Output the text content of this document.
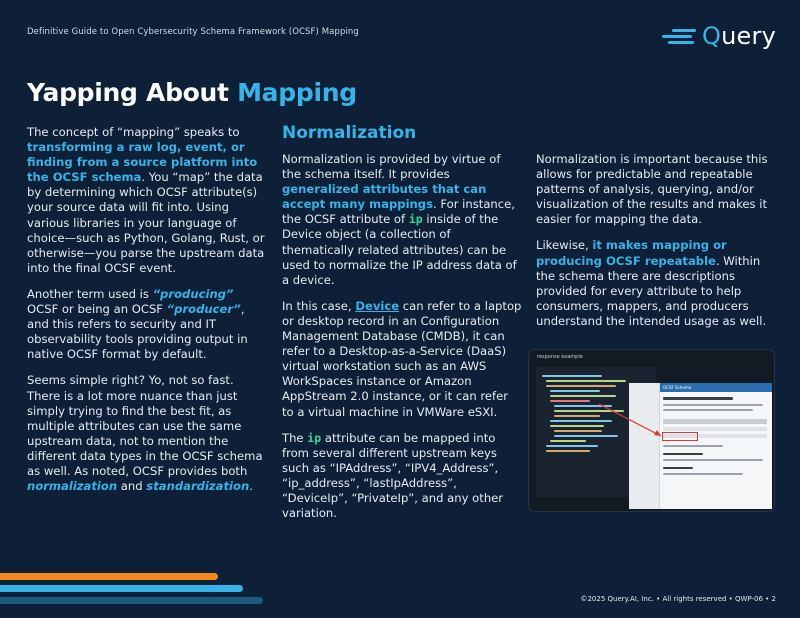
Definitive Guide to Open Cybersecurity Schema Framework (OCSF) Mapping	Query
Yapping About Mapping

The concept of “mapping” speaks to transforming a raw log, event, or finding from a source platform into the OCSF schema. You “map” the data by determining which OCSF attribute(s) your source data will fit into. Using various libraries in your language of choice—such as Python, Golang, Rust, or otherwise—you parse the upstream data into the final OCSF event.

Another term used is “producing” OCSF or being an OCSF “producer”, and this refers to security and IT observability tools providing output in native OCSF format by default.

Seems simple right? Yo, not so fast. There is a lot more nuance than just simply trying to find the best fit, as multiple attributes can use the same upstream data, not to mention the different data types in the OCSF schema as well. As noted, OCSF provides both normalization and standardization.

Normalization

Normalization is provided by virtue of the schema itself. It provides generalized attributes that can accept many mappings. For instance, the OCSF attribute of ip inside of the Device object (a collection of thematically related attributes) can be used to normalize the IP address data of a device.

In this case, Device can refer to a laptop or desktop record in an Configuration Management Database (CMDB), it can refer to a Desktop-as-a-Service (DaaS) virtual workstation such as an AWS WorkSpaces instance or Amazon AppStream 2.0 instance, or it can refer to a virtual machine in VMWare eSXI.

The ip attribute can be mapped into from several different upstream keys such as “IPAddress”, “IPV4_Address”, “ip_address”, “lastIpAddress”, “DeviceIp”, “PrivateIp”, and any other variation.

Normalization is important because this allows for predictable and repeatable patterns of analysis, querying, and/or visualization of the results and makes it easier for mapping the data.

Likewise, it makes mapping or producing OCSF repeatable. Within the schema there are descriptions provided for every attribute to help consumers, mappers, and producers understand the intended usage as well.

response example
OCSF Schema
©2025 Query.AI, Inc. • All rights reserved • QWP-06 • 2
